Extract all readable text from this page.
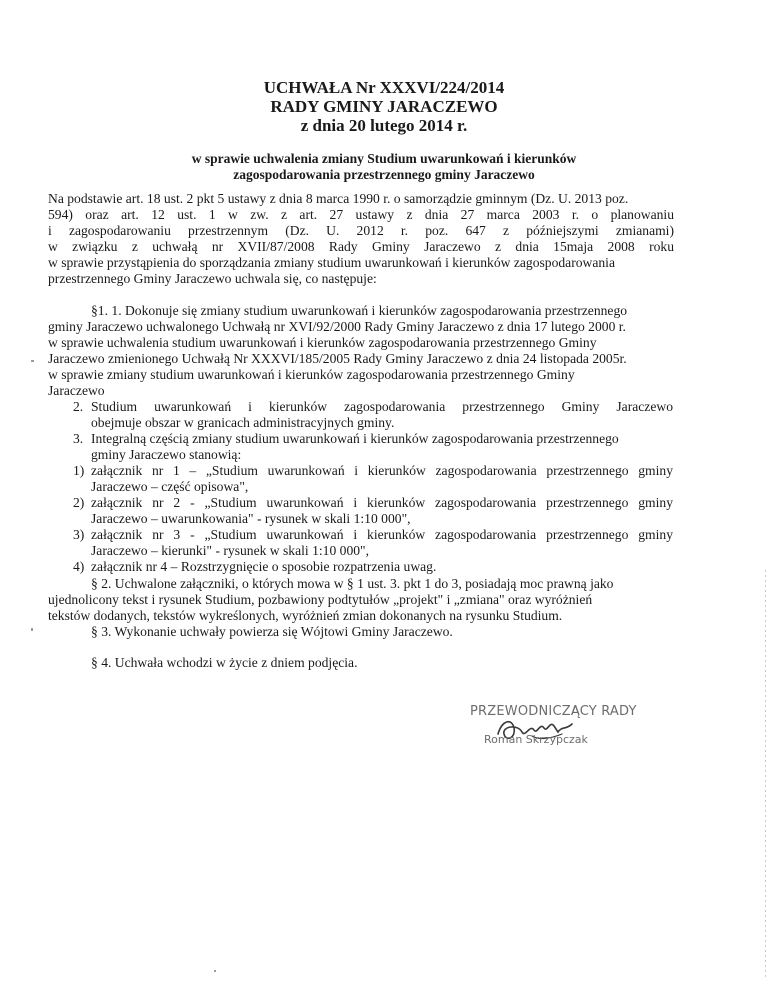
UCHWAŁA Nr XXXVI/224/2014
RADY GMINY JARACZEWO
z dnia 20 lutego 2014 r.
w sprawie uchwalenia zmiany Studium uwarunkowań i kierunków
zagospodarowania przestrzennego gminy Jaraczewo
Na podstawie art. 18 ust. 2 pkt 5 ustawy z dnia 8 marca 1990 r. o samorządzie gminnym (Dz. U. 2013 poz.
594) oraz art. 12 ust. 1 w zw. z art. 27 ustawy z dnia 27 marca 2003 r. o planowaniu
i zagospodarowaniu przestrzennym (Dz. U. 2012 r. poz. 647 z późniejszymi zmianami)
w związku z uchwałą nr XVII/87/2008 Rady Gminy Jaraczewo z dnia 15maja 2008 roku
w sprawie przystąpienia do sporządzania zmiany studium uwarunkowań i kierunków zagospodarowania
przestrzennego Gminy Jaraczewo uchwala się, co następuje:
§1. 1. Dokonuje się zmiany studium uwarunkowań i kierunków zagospodarowania przestrzennego
gminy Jaraczewo uchwalonego Uchwałą nr XVI/92/2000 Rady Gminy Jaraczewo z dnia 17 lutego 2000 r.
w sprawie uchwalenia studium uwarunkowań i kierunków zagospodarowania przestrzennego Gminy
Jaraczewo zmienionego Uchwałą Nr XXXVI/185/2005 Rady Gminy Jaraczewo z dnia 24 listopada 2005r.
w sprawie zmiany studium uwarunkowań i kierunków zagospodarowania przestrzennego Gminy
Jaraczewo
2. Studium uwarunkowań i kierunków zagospodarowania przestrzennego Gminy Jaraczewo
obejmuje obszar w granicach administracyjnych gminy.
3. Integralną częścią zmiany studium uwarunkowań i kierunków zagospodarowania przestrzennego
gminy Jaraczewo stanowią:
1) załącznik nr 1 – „Studium uwarunkowań i kierunków zagospodarowania przestrzennego gminy
Jaraczewo – część opisowa",
2) załącznik nr 2 - „Studium uwarunkowań i kierunków zagospodarowania przestrzennego gminy
Jaraczewo – uwarunkowania" - rysunek w skali 1:10 000",
3) załącznik nr 3 - „Studium uwarunkowań i kierunków zagospodarowania przestrzennego gminy
Jaraczewo – kierunki" - rysunek w skali 1:10 000",
4) załącznik nr 4 – Rozstrzygnięcie o sposobie rozpatrzenia uwag.
§ 2. Uchwalone załączniki, o których mowa w § 1 ust. 3. pkt 1 do 3, posiadają moc prawną jako
ujednolicony tekst i rysunek Studium, pozbawiony podtytułów „projekt" i „zmiana" oraz wyróżnień
tekstów dodanych, tekstów wykreślonych, wyróżnień zmian dokonanych na rysunku Studium.
§ 3. Wykonanie uchwały powierza się Wójtowi Gminy Jaraczewo.
§ 4. Uchwała wchodzi w życie z dniem podjęcia.
PRZEWODNICZĄCY RADY
Roman Skrzypczak
